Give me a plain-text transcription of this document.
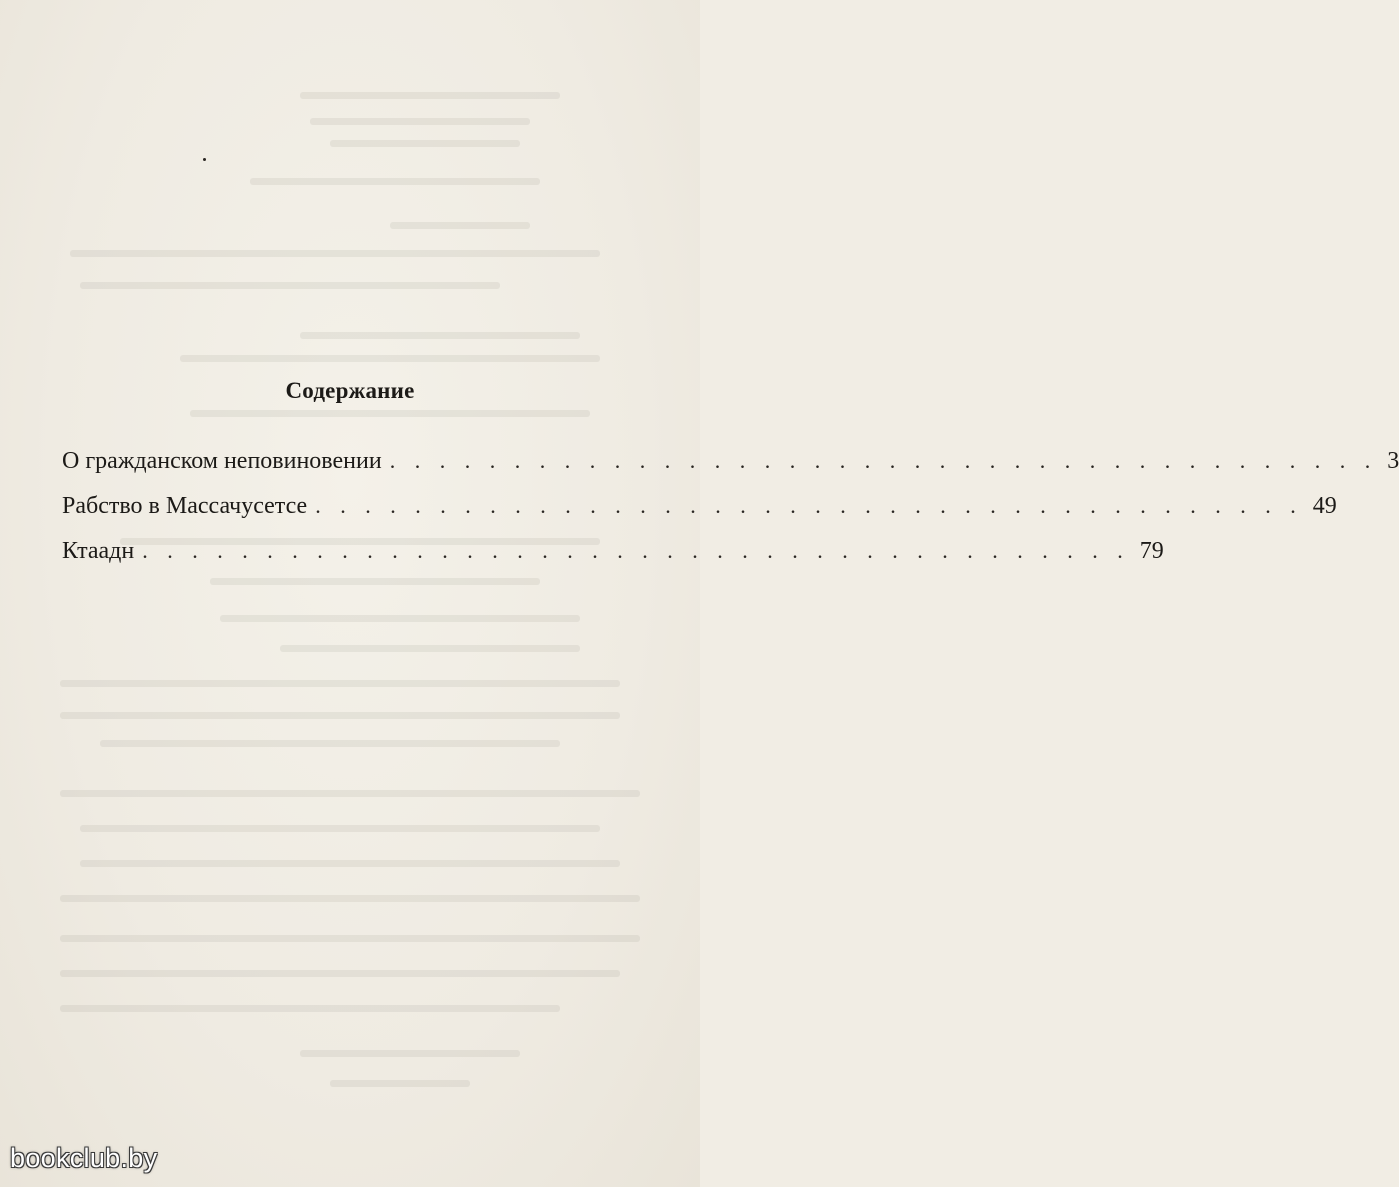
Содержание
О гражданском неповиновении . . . . . . . . . . . . . . . . . . . . . . . . . . . . . . . . . . . . . . . . 3
Рабство в Массачусетсе . . . . . . . . . . . . . . . . . . . . . . . . . . . . . . . . . . . . . . . . 49
Ктаадн . . . . . . . . . . . . . . . . . . . . . . . . . . . . . . . . . . . . . . . . 79
bookclub.by
